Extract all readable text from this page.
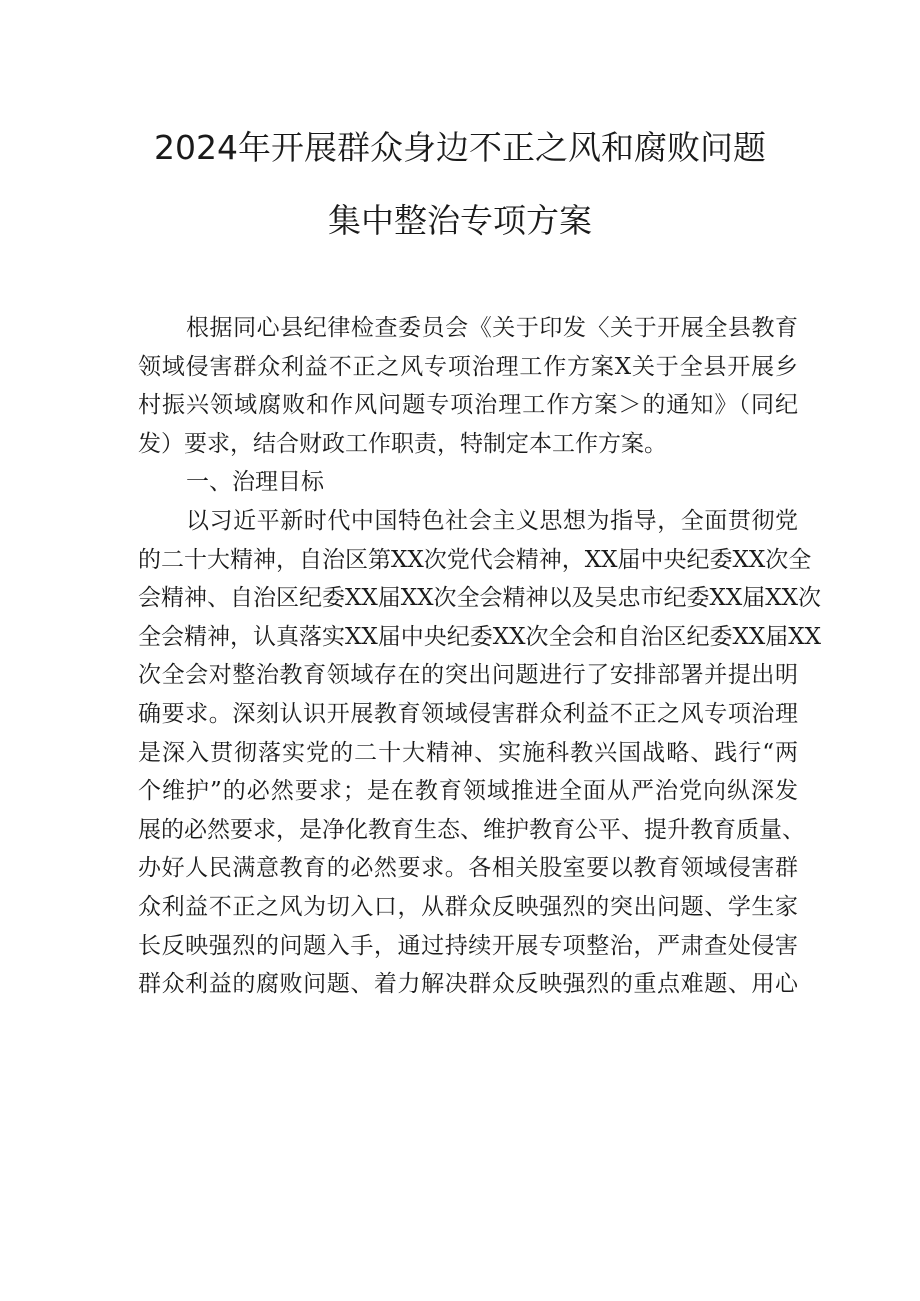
2024年开展群众身边不正之风和腐败问题
集中整治专项方案
根据同心县纪律检查委员会《关于印发〈关于开展全县教育
领域侵害群众利益不正之风专项治理工作方案X关于全县开展乡
村振兴领域腐败和作风问题专项治理工作方案＞的通知》（同纪
发）要求，结合财政工作职责，特制定本工作方案。
一、治理目标
以习近平新时代中国特色社会主义思想为指导，全面贯彻党
的二十大精神，自治区第XX次党代会精神，XX届中央纪委XX次全
会精神、自治区纪委XX届XX次全会精神以及吴忠市纪委XX届XX次
全会精神，认真落实XX届中央纪委XX次全会和自治区纪委XX届XX
次全会对整治教育领域存在的突出问题进行了安排部署并提出明
确要求。深刻认识开展教育领域侵害群众利益不正之风专项治理
是深入贯彻落实党的二十大精神、实施科教兴国战略、践行“两
个维护”的必然要求；是在教育领域推进全面从严治党向纵深发
展的必然要求，是净化教育生态、维护教育公平、提升教育质量、
办好人民满意教育的必然要求。各相关股室要以教育领域侵害群
众利益不正之风为切入口，从群众反映强烈的突出问题、学生家
长反映强烈的问题入手，通过持续开展专项整治，严肃查处侵害
群众利益的腐败问题、着力解决群众反映强烈的重点难题、用心
